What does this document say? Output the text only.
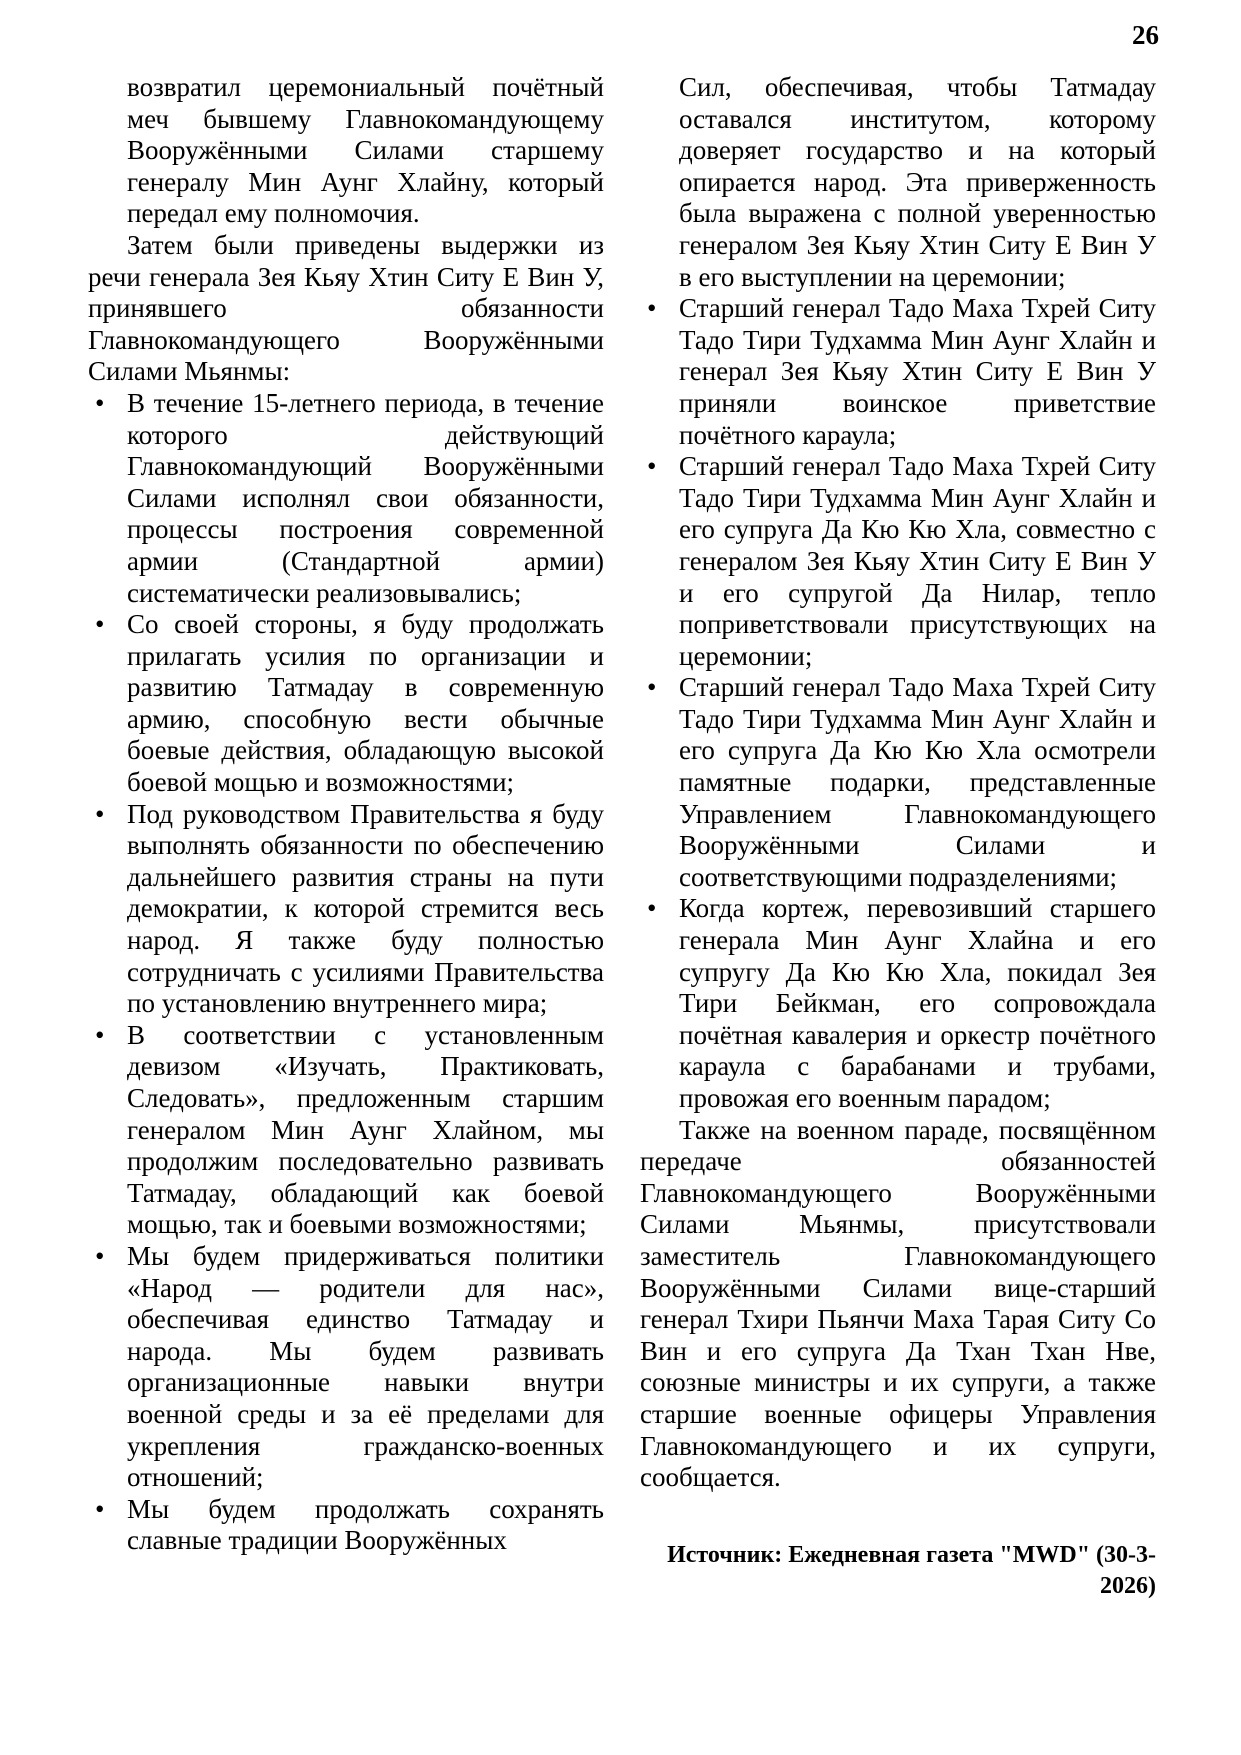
26

возвратил церемониальный почётный меч бывшему Главнокомандующему Вооружёнными Силами старшему генералу Мин Аунг Хлайну, который передал ему полномочия.

Затем были приведены выдержки из речи генерала Зея Кьяу Хтин Ситу Е Вин У, принявшего обязанности Главнокомандующего Вооружёнными Силами Мьянмы:

• В течение 15-летнего периода, в течение которого действующий Главнокомандующий Вооружёнными Силами исполнял свои обязанности, процессы построения современной армии (Стандартной армии) систематически реализовывались;
• Со своей стороны, я буду продолжать прилагать усилия по организации и развитию Татмадау в современную армию, способную вести обычные боевые действия, обладающую высокой боевой мощью и возможностями;
• Под руководством Правительства я буду выполнять обязанности по обеспечению дальнейшего развития страны на пути демократии, к которой стремится весь народ. Я также буду полностью сотрудничать с усилиями Правительства по установлению внутреннего мира;
• В соответствии с установленным девизом «Изучать, Практиковать, Следовать», предложенным старшим генералом Мин Аунг Хлайном, мы продолжим последовательно развивать Татмадау, обладающий как боевой мощью, так и боевыми возможностями;
• Мы будем придерживаться политики «Народ — родители для нас», обеспечивая единство Татмадау и народа. Мы будем развивать организационные навыки внутри военной среды и за её пределами для укрепления гражданско-военных отношений;
• Мы будем продолжать сохранять славные традиции Вооружённых

Сил, обеспечивая, чтобы Татмадау оставался институтом, которому доверяет государство и на который опирается народ. Эта приверженность была выражена с полной уверенностью генералом Зея Кьяу Хтин Ситу Е Вин У в его выступлении на церемонии;

• Старший генерал Тадо Маха Тхрей Ситу Тадо Тири Тудхамма Мин Аунг Хлайн и генерал Зея Кьяу Хтин Ситу Е Вин У приняли воинское приветствие почётного караула;
• Старший генерал Тадо Маха Тхрей Ситу Тадо Тири Тудхамма Мин Аунг Хлайн и его супруга Да Кю Кю Хла, совместно с генералом Зея Кьяу Хтин Ситу Е Вин У и его супругой Да Нилар, тепло поприветствовали присутствующих на церемонии;
• Старший генерал Тадо Маха Тхрей Ситу Тадо Тири Тудхамма Мин Аунг Хлайн и его супруга Да Кю Кю Хла осмотрели памятные подарки, представленные Управлением Главнокомандующего Вооружёнными Силами и соответствующими подразделениями;
• Когда кортеж, перевозивший старшего генерала Мин Аунг Хлайна и его супругу Да Кю Кю Хла, покидал Зея Тири Бейкман, его сопровождала почётная кавалерия и оркестр почётного караула с барабанами и трубами, провожая его военным парадом;

Также на военном параде, посвящённом передаче обязанностей Главнокомандующего Вооружёнными Силами Мьянмы, присутствовали заместитель Главнокомандующего Вооружёнными Силами вице-старший генерал Тхири Пьянчи Маха Тарая Ситу Со Вин и его супруга Да Тхан Тхан Нве, союзные министры и их супруги, а также старшие военные офицеры Управления Главнокомандующего и их супруги, сообщается.

Источник: Ежедневная газета "MWD" (30-3-2026)
